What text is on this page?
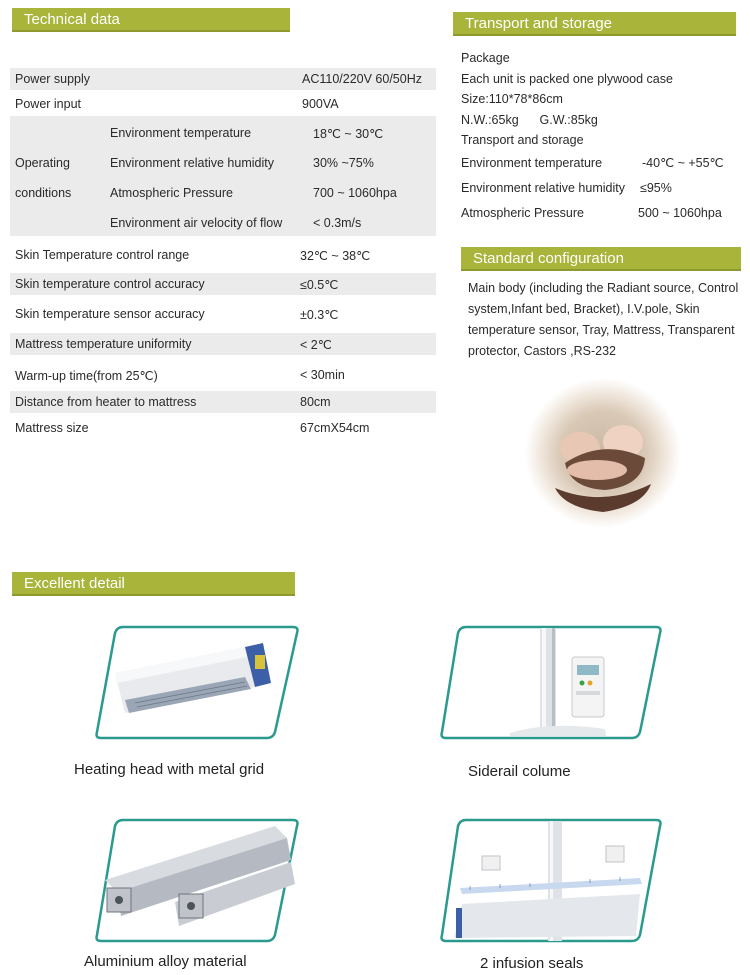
Technical data	Transport and storage
Standard configuration
Excellent detail
Power supply	AC110/220V 60/50Hz
Power input	900VA
Operating
conditions
Environment temperature	18℃ ~ 30℃
Environment relative humidity	30% ~75%
Atmospheric Pressure	700 ~ 1060hpa
Environment air velocity of flow < 0.3m/s
Skin Temperature control range	32℃ ~ 38℃
Skin temperature control accuracy	≤0.5℃
Skin temperature sensor accuracy	±0.3℃
Mattress temperature uniformity	< 2℃
Warm-up time(from 25℃)	< 30min
Distance from heater to mattress	80cm
Mattress size	67cmX54cm
Package
Each unit is packed one plywood case
Size:110*78*86cm
N.W.:65kg      G.W.:85kg
Transport and storage
Environment temperature	-40℃ ~ +55℃
Environment relative humidity ≤95%
Atmospheric Pressure	500 ~ 1060hpa
Main body (including the Radiant source, Control system,Infant bed, Bracket), I.V.pole, Skin temperature sensor, Tray, Mattress, Transparent protector, Castors ,RS-232
Heating head with metal grid	Siderail colume
Aluminium alloy material	2 infusion seals
